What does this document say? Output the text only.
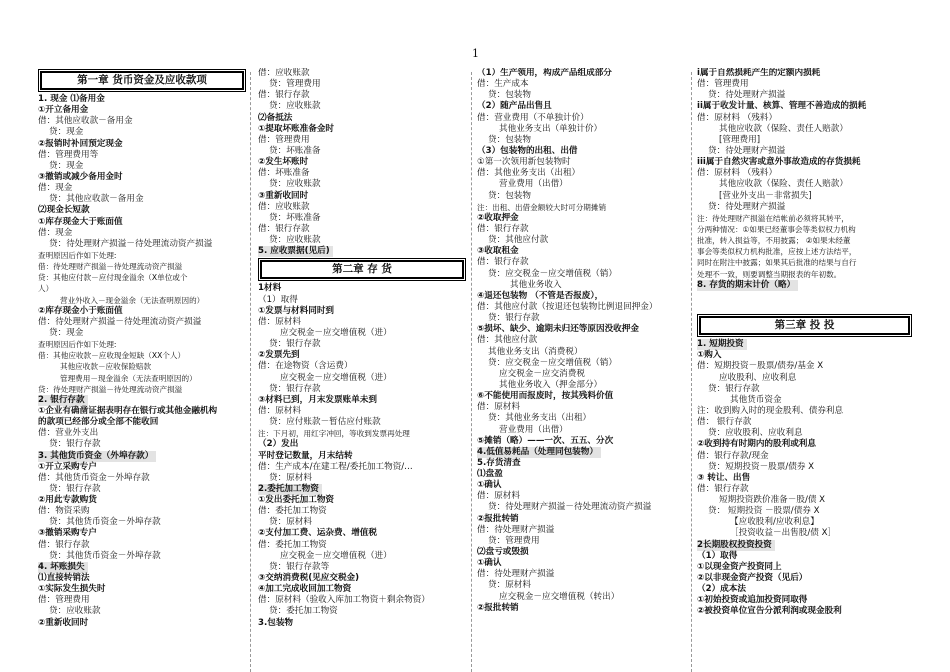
1
第一章 货币资金及应收款项
1. 现金 ⑴备用金
①开立备用金
借：其他应收款－备用金
贷：现金
②报销时补回预定现金
借：管理费用等
贷：现金
③撤销或减少备用金时
借：现金
贷：其他应收款－备用金
⑵现金长短款
①库存现金大于账面值
借：现金
贷：待处理财产损溢－待处理流动资产损溢
查明原因后作如下处理:
借：待处理财产损溢－待处理流动资产损溢
贷：其他应付款－应付现金溢余（X单位或个
人）
营业外收入－现金溢余（无法查明原因的）
②库存现金小于账面值
借：待处理财产损溢－待处理流动资产损溢
贷：现金
查明原因后作如下处理:
借：其他应收款－应收现金短缺（XX个人）
其他应收款－应收保险赔款
管理费用－现金溢余（无法查明原因的）
贷：待处理财产损溢－待处理流动资产损溢
2. 银行存款
①企业有确凿证据表明存在银行或其他金融机构
的款项已经部分或全部不能收回
借：营业外支出
贷：银行存款
3. 其他货币资金（外埠存款）
①开立采购专户
借：其他货币资金－外埠存款
贷：银行存款
②用此专款购货
借：物资采购
贷：其他货币资金－外埠存款
③撤销采购专户
借：银行存款
贷：其他货币资金－外埠存款
4. 坏账损失
⑴直接转销法
①实际发生损失时
借：管理费用
贷：应收账款
②重新收回时
借：应收账款
贷：管理费用
借：银行存款
贷：应收账款
⑵备抵法
①提取坏账准备金时
借：管理费用
贷：坏账准备
②发生坏账时
借：坏账准备
贷：应收账款
③重新收回时
借：应收账款
贷：坏账准备
借：银行存款
贷：应收账款
5. 应收票据(见后)
第二章 存 货
1材料
（1）取得
①发票与材料同时到
借：原材料
应交税金－应交增值税（进）
贷：银行存款
②发票先到
借：在途物资（含运费）
应交税金－应交增值税（进）
贷：银行存款
③材料已到，月末发票账单未到
借：原材料
贷：应付账款－暂估应付账款
注：下月初，用红字冲回，等收到发票再处理
（2）发出
平时登记数量，月末结转
借：生产成本/在建工程/委托加工物资/…
贷：原材料
2.委托加工物资
①发出委托加工物资
借：委托加工物资
贷：原材料
②支付加工费、运杂费、增值税
借：委托加工物资
应交税金－应交增值税（进）
贷：银行存款等
③交纳消费税(见应交税金)
④加工完成收回加工物资
借：原材料（验收入库加工物资＋剩余物资）
贷：委托加工物资
3.包装物
（1）生产领用，构成产品组成部分
借：生产成本
贷：包装物
（2）随产品出售且
借：营业费用（不单独计价）
其他业务支出（单独计价）
贷：包装物
（3）包装物的出租、出借
①第一次领用新包装物时
借：其他业务支出（出租）
营业费用（出借）
贷：包装物
注：出租、出借金额较大时可分期摊销
②收取押金
借：银行存款
贷：其他应付款
③收取租金
借：银行存款
贷：应交税金－应交增值税（销）
其他业务收入
④退还包装物 （不管是否报废），
借：其他应付款（按退还包装物比例退回押金）
贷：银行存款
⑤损坏、缺少、逾期未归还等原因没收押金
借：其他应付款
其他业务支出（消费税）
贷：应交税金－应交增值税（销）
应交税金－应交消费税
其他业务收入（押金部分）
⑥不能使用而报废时，按其残料价值
借：原材料
贷：其他业务支出（出租）
营业费用（出借）
⑤摊销（略）——一次、五五、分次
4.低值易耗品（处理同包装物）
5.存货清查
⑴盘盈
①确认
借：原材料
贷：待处理财产损溢－待处理流动资产损溢
②报批转销
借：待处理财产损溢
贷：管理费用
⑵盘亏或毁损
①确认
借：待处理财产损溢
贷：原材料
应交税金－应交增值税（转出）
②报批转销
i属于自然损耗产生的定额内损耗
借：管理费用
贷：待处理财产损溢
ii属于收发计量、核算、管理不善造成的损耗
借：原材料 （残料）
其他应收款（保险、责任人赔款）
[管理费用]
贷：待处理财产损溢
iii属于自然灾害或意外事故造成的存货损耗
借：原材料 （残料）
其他应收款（保险、责任人赔款）
[营业外支出－非常损失]
贷：待处理财产损溢
注：待处理财产损溢在结帐前必须将其转平，
分两种情况：①如果已经董事会等类似权力机构
批准，转入损益等，不用披露； ②如果未经董
事会等类似权力机构批准，应按上述方法结平，
同时在附注中披露；如果其后批准的结果与自行
处理不一致，则要调整当期报表的年初数。
8. 存货的期末计价（略）
第三章 投 投
1. 短期投资
①购入
借：短期投资－股票/债券/基金 X
应收股利、应收利息
贷：银行存款
其他货币资金
注：收到购入时的现金股利、债券利息
借： 银行存款
贷：应收股利、应收利息
②收到持有时期内的股利或利息
借：银行存款/现金
贷：短期投资－股票/债券 X
③ 转让、出售
借：银行存款
短期投资跌价准备－股/债 X
贷： 短期投资 －股票/债券 X
【应收股利/应收利息】
［投资收益－出售股/债 X］
2长期股权投资投资
（1）取得
①以现金资产投资同上
②以非现金资产投资（见后）
（2）成本法
①初始投资或追加投资同取得
②被投资单位宣告分派利润或现金股利
